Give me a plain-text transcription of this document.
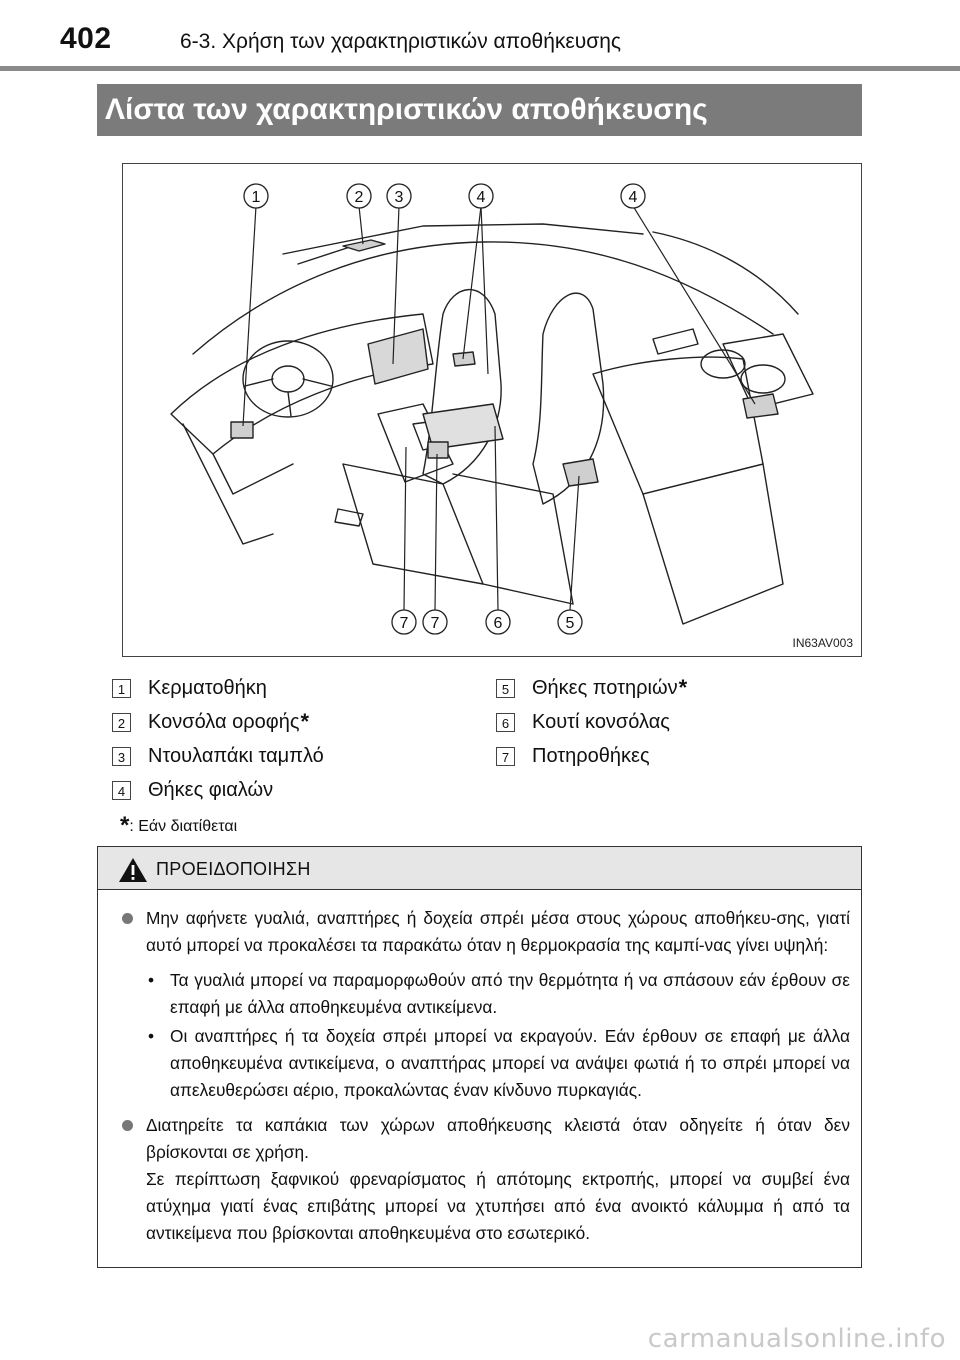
402	6-3. Χρήση των χαρακτηριστικών αποθήκευσης
Λίστα των χαρακτηριστικών αποθήκευσης
1	2 3	4	4
7 7	6	5
IN63AV003
1 Κερματοθήκη
2 Κονσόλα οροφής *
3 Ντουλαπάκι ταμπλό
4 Θήκες φιαλών
5 Θήκες ποτηριών *
6 Κουτί κονσόλας
7 Ποτηροθήκες
*: Εάν διατίθεται
ΠΡΟΕΙΔΟΠΟΙΗΣΗ
Μην αφήνετε γυαλιά, αναπτήρες ή δοχεία σπρέι μέσα στους χώρους αποθήκευ-σης, γιατί αυτό μπορεί να προκαλέσει τα παρακάτω όταν η θερμοκρασία της καμπί-νας γίνει υψηλή:
• Τα γυαλιά μπορεί να παραμορφωθούν από την θερμότητα ή να σπάσουν εάν έρθουν σε επαφή με άλλα αποθηκευμένα αντικείμενα.
• Οι αναπτήρες ή τα δοχεία σπρέι μπορεί να εκραγούν. Εάν έρθουν σε επαφή με άλλα αποθηκευμένα αντικείμενα, ο αναπτήρας μπορεί να ανάψει φωτιά ή το σπρέι μπορεί να απελευθερώσει αέριο, προκαλώντας έναν κίνδυνο πυρκαγιάς.
Διατηρείτε τα καπάκια των χώρων αποθήκευσης κλειστά όταν οδηγείτε ή όταν δεν βρίσκονται σε χρήση.
Σε περίπτωση ξαφνικού φρεναρίσματος ή απότομης εκτροπής, μπορεί να συμβεί ένα ατύχημα γιατί ένας επιβάτης μπορεί να χτυπήσει από ένα ανοικτό κάλυμμα ή από τα αντικείμενα που βρίσκονται αποθηκευμένα στο εσωτερικό.
carmanualsonline.info
